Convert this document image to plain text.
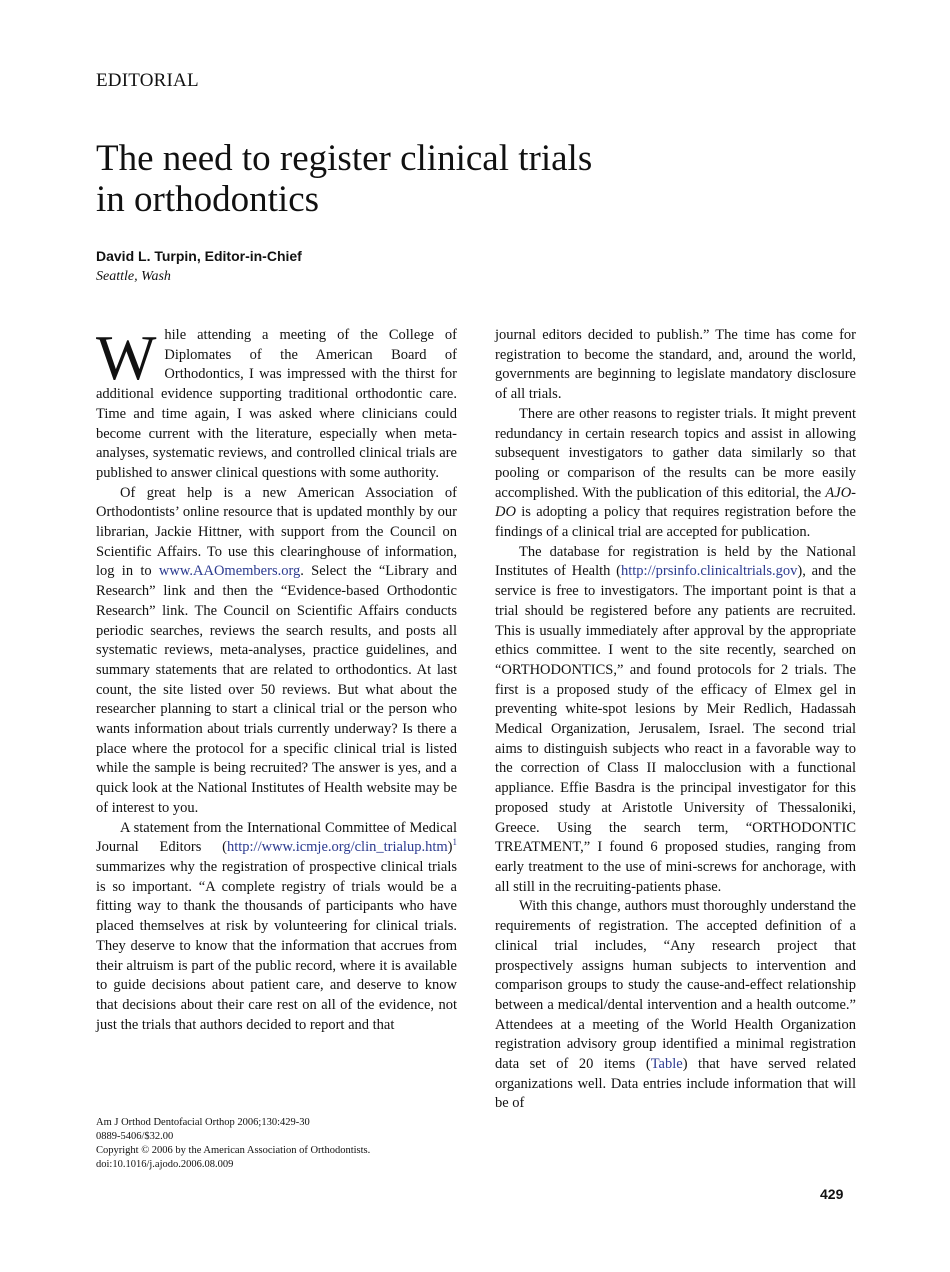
EDITORIAL
The need to register clinical trials
in orthodontics
David L. Turpin, Editor-in-Chief
Seattle, Wash

While attending a meeting of the College of Diplomates of the American Board of Orthodontics, I was impressed with the thirst for additional evidence supporting traditional orthodontic care. Time and time again, I was asked where clinicians could become current with the literature, especially when meta-analyses, systematic reviews, and controlled clinical trials are published to answer clinical questions with some authority.

Of great help is a new American Association of Orthodontists’ online resource that is updated monthly by our librarian, Jackie Hittner, with support from the Council on Scientific Affairs. To use this clearinghouse of information, log in to www.AAOmembers.org. Select the “Library and Research” link and then the “Evidence-based Orthodontic Research” link. The Council on Scientific Affairs conducts periodic searches, reviews the search results, and posts all systematic reviews, meta-analyses, practice guidelines, and summary statements that are related to orthodontics. At last count, the site listed over 50 reviews. But what about the researcher planning to start a clinical trial or the person who wants information about trials currently underway? Is there a place where the protocol for a specific clinical trial is listed while the sample is being recruited? The answer is yes, and a quick look at the National Institutes of Health website may be of interest to you.

A statement from the International Committee of Medical Journal Editors (http://www.icmje.org/clin_trialup.htm)$^1$ summarizes why the registration of prospective clinical trials is so important. “A complete registry of trials would be a fitting way to thank the thousands of participants who have placed themselves at risk by volunteering for clinical trials. They deserve to know that the information that accrues from their altruism is part of the public record, where it is available to guide decisions about patient care, and deserve to know that decisions about their care rest on all of the evidence, not just the trials that authors decided to report and that

journal editors decided to publish.” The time has come for registration to become the standard, and, around the world, governments are beginning to legislate mandatory disclosure of all trials.

There are other reasons to register trials. It might prevent redundancy in certain research topics and assist in allowing subsequent investigators to gather data similarly so that pooling or comparison of the results can be more easily accomplished. With the publication of this editorial, the AJO-DO is adopting a policy that requires registration before the findings of a clinical trial are accepted for publication.

The database for registration is held by the National Institutes of Health (http://prsinfo.clinicaltrials.gov), and the service is free to investigators. The important point is that a trial should be registered before any patients are recruited. This is usually immediately after approval by the appropriate ethics committee. I went to the site recently, searched on “ORTHODONTICS,” and found protocols for 2 trials. The first is a proposed study of the efficacy of Elmex gel in preventing white-spot lesions by Meir Redlich, Hadassah Medical Organization, Jerusalem, Israel. The second trial aims to distinguish subjects who react in a favorable way to the correction of Class II malocclusion with a functional appliance. Effie Basdra is the principal investigator for this proposed study at Aristotle University of Thessaloniki, Greece. Using the search term, “ORTHODONTIC TREATMENT,” I found 6 proposed studies, ranging from early treatment to the use of mini-screws for anchorage, with all still in the recruiting-patients phase.

With this change, authors must thoroughly understand the requirements of registration. The accepted definition of a clinical trial includes, “Any research project that prospectively assigns human subjects to intervention and comparison groups to study the cause-and-effect relationship between a medical/dental intervention and a health outcome.” Attendees at a meeting of the World Health Organization registration advisory group identified a minimal registration data set of 20 items (Table) that have served related organizations well. Data entries include information that will be of

Am J Orthod Dentofacial Orthop 2006;130:429-30
0889-5406/$32.00
Copyright © 2006 by the American Association of Orthodontists.
doi:10.1016/j.ajodo.2006.08.009
429
